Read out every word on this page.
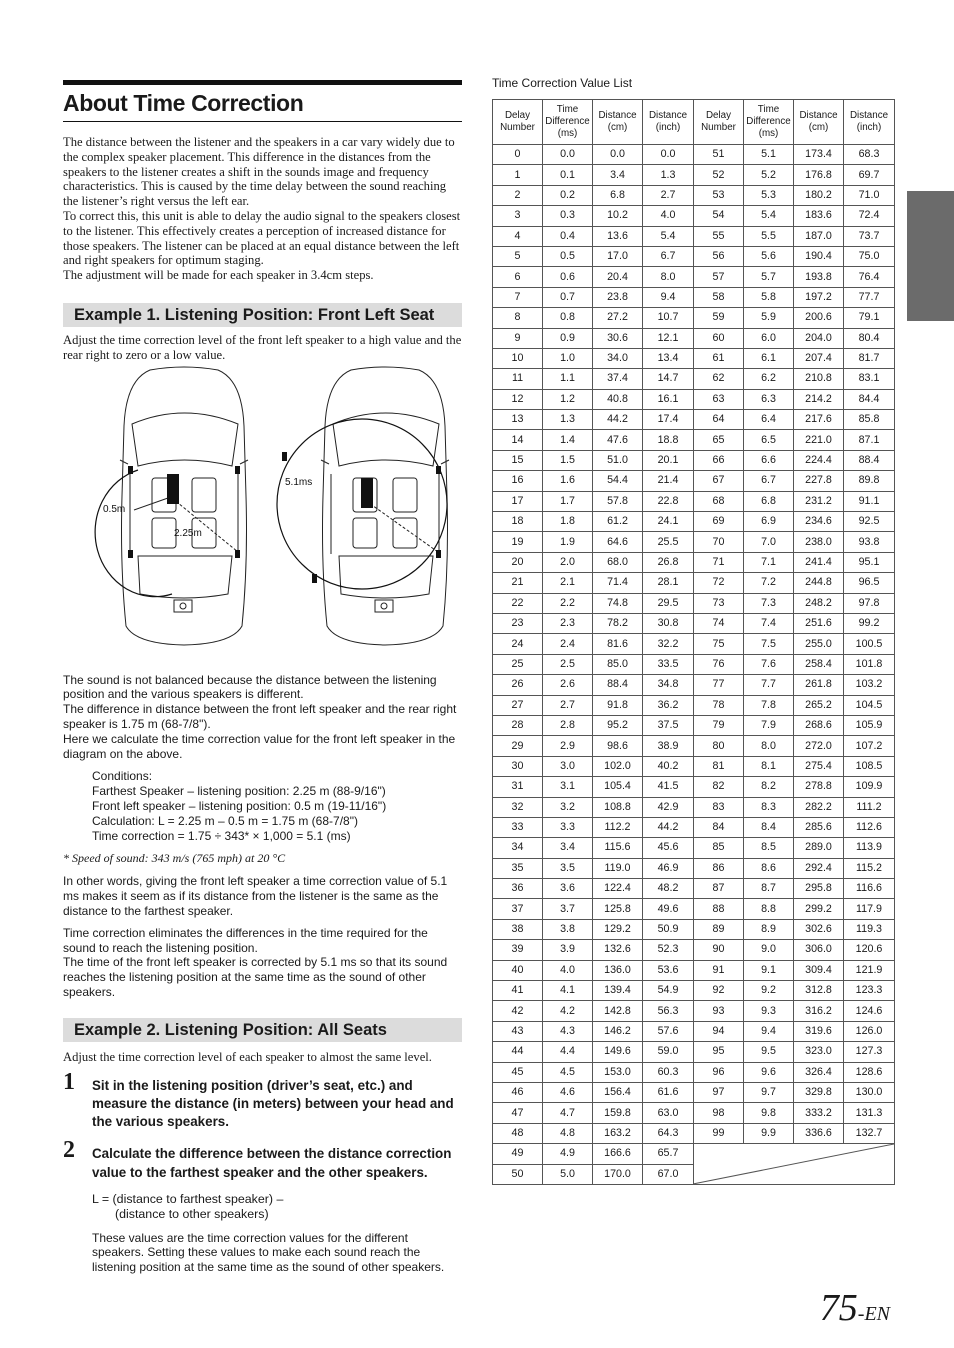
About Time Correction

The distance between the listener and the speakers in a car vary widely due to the complex speaker placement. This difference in the distances from the speakers to the listener creates a shift in the sounds image and frequency characteristics. This is caused by the time delay between the sound reaching the listener’s right versus the left ear.

To correct this, this unit is able to delay the audio signal to the speakers closest to the listener. This effectively creates a perception of increased distance for those speakers. The listener can be placed at an equal distance between the left and right speakers for optimum staging.

The adjustment will be made for each speaker in 3.4cm steps.

Example 1. Listening Position: Front Left Seat

Adjust the time correction level of the front left speaker to a high value and the rear right to zero or a low value.

The sound is not balanced because the distance between the listening position and the various speakers is different.

The difference in distance between the front left speaker and the rear right speaker is 1.75 m (68-7/8").

Here we calculate the time correction value for the front left speaker in the diagram on the above.

Conditions:

Farthest Speaker – listening position: 2.25 m (88-9/16")

Front left speaker – listening position: 0.5 m (19-11/16")

Calculation: L = 2.25 m – 0.5 m = 1.75 m (68-7/8")

Time correction = 1.75 ÷ 343* × 1,000 = 5.1 (ms)

* Speed of sound: 343 m/s (765 mph) at 20 °C

In other words, giving the front left speaker a time correction value of 5.1 ms makes it seem as if its distance from the listener is the same as the distance to the farthest speaker.

Time correction eliminates the differences in the time required for the sound to reach the listening position.

The time of the front left speaker is corrected by 5.1 ms so that its sound reaches the listening position at the same time as the sound of other speakers.

Example 2. Listening Position: All Seats

Adjust the time correction level of each speaker to almost the same level.

1 Sit in the listening position (driver’s seat, etc.) and measure the distance (in meters) between your head and the various speakers.
2 Calculate the difference between the distance correction value to the farthest speaker and the other speakers.

L = (distance to farthest speaker) –

(distance to other speakers)

These values are the time correction values for the different speakers. Setting these values to make each sound reach the listening position at the same time as the sound of other speakers.

0.5m
2.25m
5.1ms
Time Correction Value List
Delay Number	Time Difference (ms)	Distance (cm)	Distance (inch)	Delay Number	Time Difference (ms)	Distance (cm)	Distance (inch)
0	0.0	0.0	0.0	51	5.1	173.4	68.3
1	0.1	3.4	1.3	52	5.2	176.8	69.7
2	0.2	6.8	2.7	53	5.3	180.2	71.0
3	0.3	10.2	4.0	54	5.4	183.6	72.4
4	0.4	13.6	5.4	55	5.5	187.0	73.7
5	0.5	17.0	6.7	56	5.6	190.4	75.0
6	0.6	20.4	8.0	57	5.7	193.8	76.4
7	0.7	23.8	9.4	58	5.8	197.2	77.7
8	0.8	27.2	10.7	59	5.9	200.6	79.1
9	0.9	30.6	12.1	60	6.0	204.0	80.4
10	1.0	34.0	13.4	61	6.1	207.4	81.7
11	1.1	37.4	14.7	62	6.2	210.8	83.1
12	1.2	40.8	16.1	63	6.3	214.2	84.4
13	1.3	44.2	17.4	64	6.4	217.6	85.8
14	1.4	47.6	18.8	65	6.5	221.0	87.1
15	1.5	51.0	20.1	66	6.6	224.4	88.4
16	1.6	54.4	21.4	67	6.7	227.8	89.8
17	1.7	57.8	22.8	68	6.8	231.2	91.1
18	1.8	61.2	24.1	69	6.9	234.6	92.5
19	1.9	64.6	25.5	70	7.0	238.0	93.8
20	2.0	68.0	26.8	71	7.1	241.4	95.1
21	2.1	71.4	28.1	72	7.2	244.8	96.5
22	2.2	74.8	29.5	73	7.3	248.2	97.8
23	2.3	78.2	30.8	74	7.4	251.6	99.2
24	2.4	81.6	32.2	75	7.5	255.0	100.5
25	2.5	85.0	33.5	76	7.6	258.4	101.8
26	2.6	88.4	34.8	77	7.7	261.8	103.2
27	2.7	91.8	36.2	78	7.8	265.2	104.5
28	2.8	95.2	37.5	79	7.9	268.6	105.9
29	2.9	98.6	38.9	80	8.0	272.0	107.2
30	3.0	102.0	40.2	81	8.1	275.4	108.5
31	3.1	105.4	41.5	82	8.2	278.8	109.9
32	3.2	108.8	42.9	83	8.3	282.2	111.2
33	3.3	112.2	44.2	84	8.4	285.6	112.6
34	3.4	115.6	45.6	85	8.5	289.0	113.9
35	3.5	119.0	46.9	86	8.6	292.4	115.2
36	3.6	122.4	48.2	87	8.7	295.8	116.6
37	3.7	125.8	49.6	88	8.8	299.2	117.9
38	3.8	129.2	50.9	89	8.9	302.6	119.3
39	3.9	132.6	52.3	90	9.0	306.0	120.6
40	4.0	136.0	53.6	91	9.1	309.4	121.9
41	4.1	139.4	54.9	92	9.2	312.8	123.3
42	4.2	142.8	56.3	93	9.3	316.2	124.6
43	4.3	146.2	57.6	94	9.4	319.6	126.0
44	4.4	149.6	59.0	95	9.5	323.0	127.3
45	4.5	153.0	60.3	96	9.6	326.4	128.6
46	4.6	156.4	61.6	97	9.7	329.8	130.0
47	4.7	159.8	63.0	98	9.8	333.2	131.3
48	4.8	163.2	64.3	99	9.9	336.6	132.7
49	4.9	166.6	65.7	

50	5.0	170.0	67.0				
75-EN
